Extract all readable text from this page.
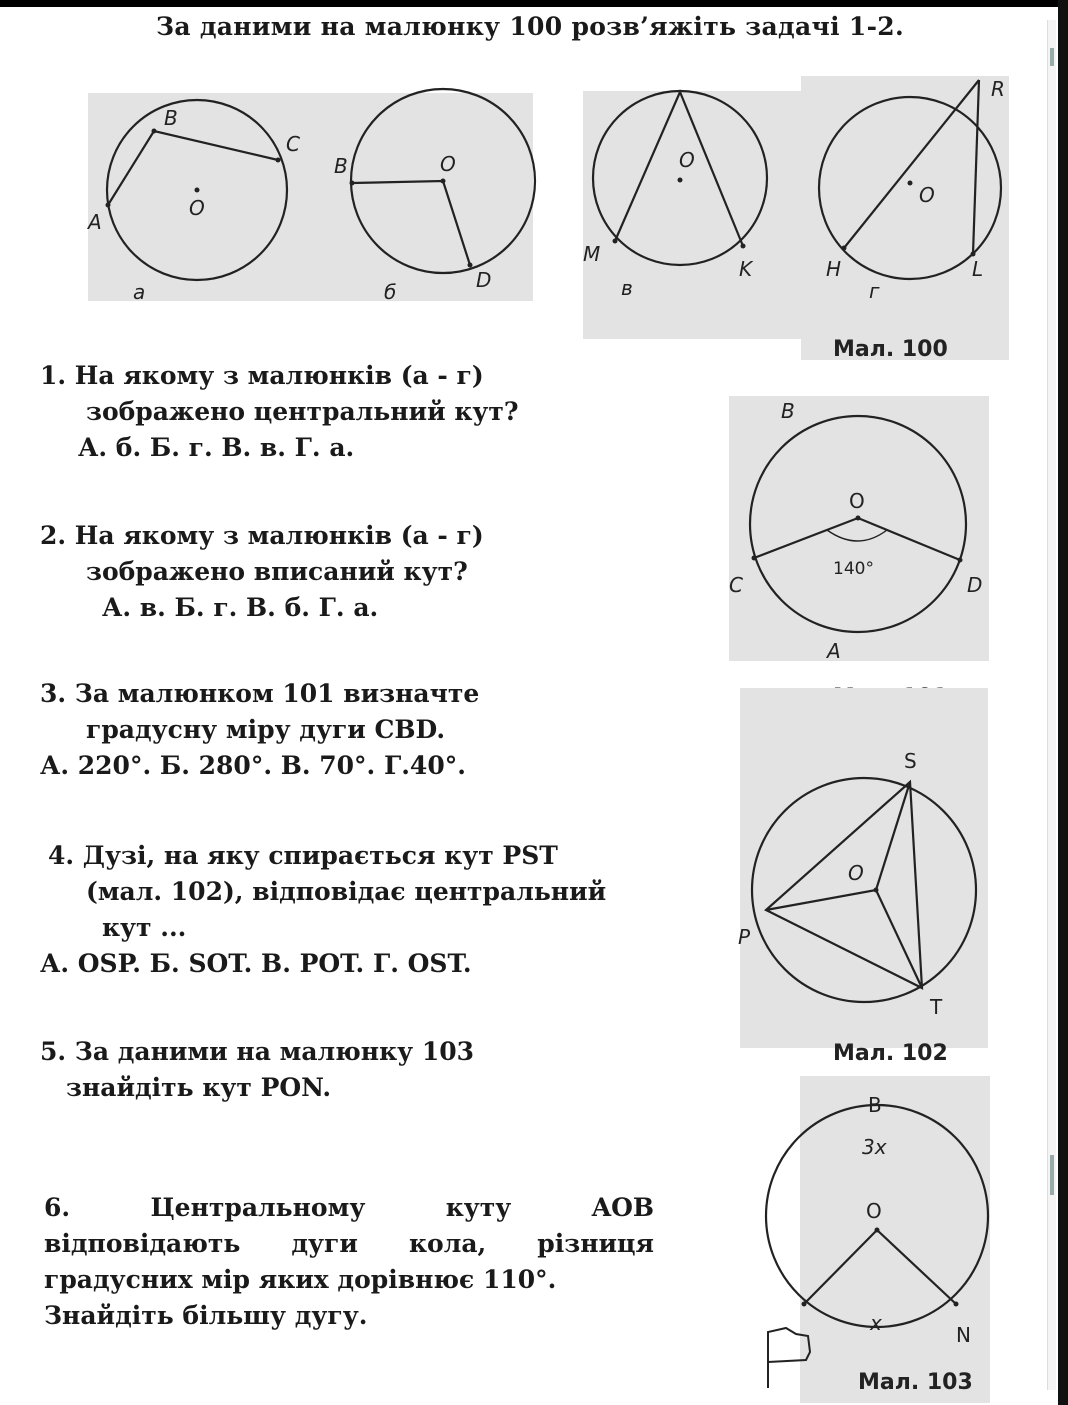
За даними на малюнку 100 розв’яжіть задачі 1-2.
B
A
C
O
а
B	O
D
б
O
M
K
в
R
O
H	L
г
Мал. 100
B
O
C	D
A
140°
S
O
P
T
Мал. 102
B
3x
O
x	N
Мал. 103
1. На якому з малюнків (а - г)
зображено центральний кут?
А. б. Б. г. В. в. Г. а.
2. На якому з малюнків (а - г)
зображено вписаний кут?
А. в. Б. г. В. б. Г. а.
3. За малюнком 101 визначте
градусну міру дуги CBD.
А. 220°. Б. 280°. В. 70°. Г.40°.
4. Дузі, на яку спирається кут PST
(мал. 102), відповідає центральний
кут ...
А. OSP. Б. SOT. В. POT. Г. OST.
5. За даними на малюнку 103
знайдіть кут PON.
6. Центральному куту AOB
відповідають дуги кола, різниця
градусних мір яких дорівнює 110°.
Знайдіть більшу дугу.
